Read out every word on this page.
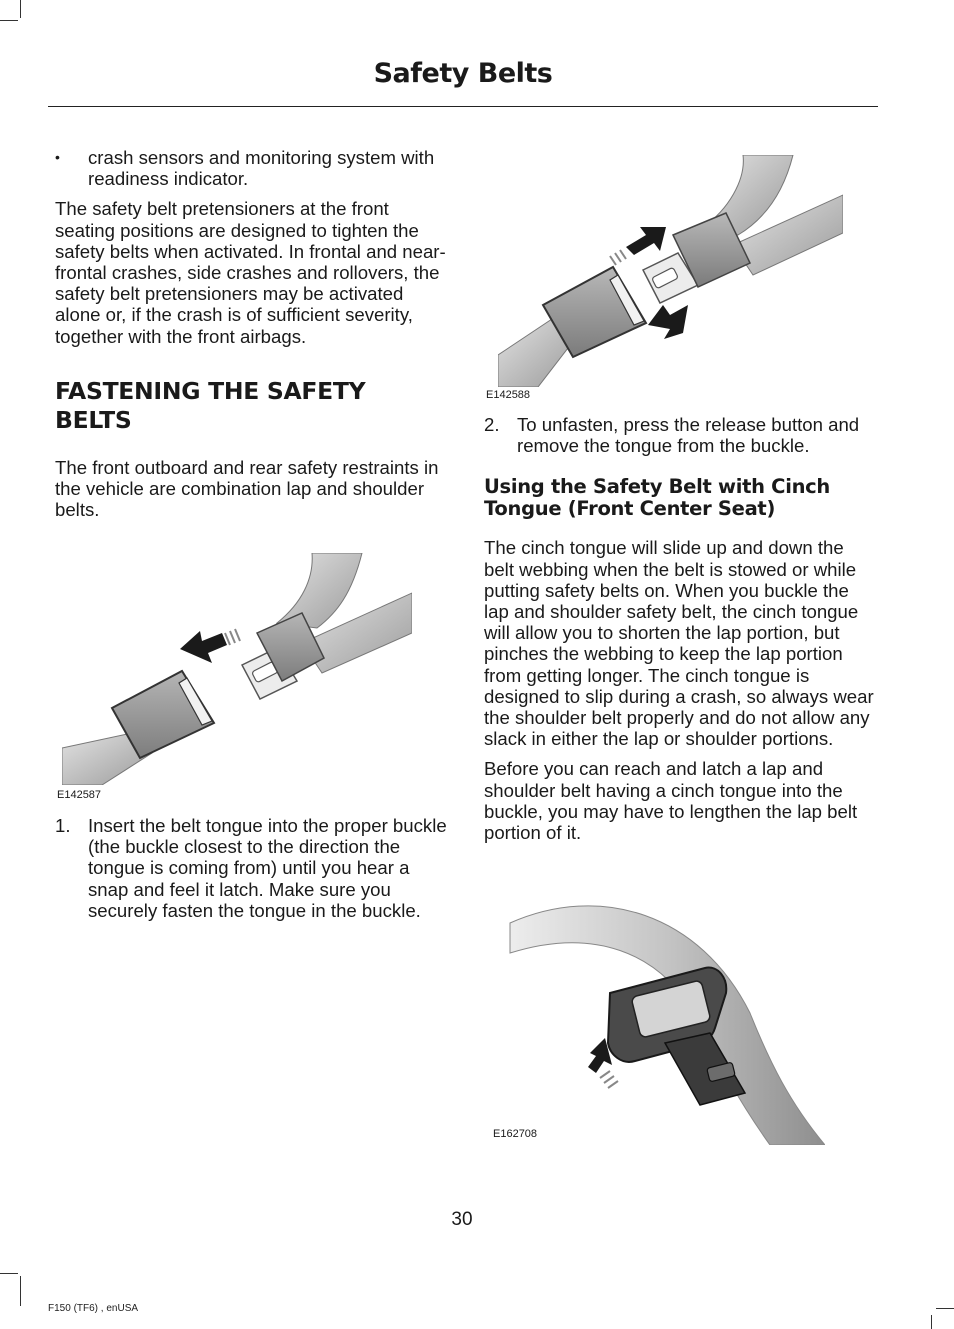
Safety Belts
•	crash sensors and monitoring system with readiness indicator.

The safety belt pretensioners at the front seating positions are designed to tighten the safety belts when activated. In frontal and near-frontal crashes, side crashes and rollovers, the safety belt pretensioners may be activated alone or, if the crash is of sufficient severity, together with the front airbags.

FASTENING THE SAFETY BELTS

The front outboard and rear safety restraints in the vehicle are combination lap and shoulder belts.

E142587
1. Insert the belt tongue into the proper buckle (the buckle closest to the direction the tongue is coming from) until you hear a snap and feel it latch. Make sure you securely fasten the tongue in the buckle.
E142588
2. To unfasten, press the release button and remove the tongue from the buckle.
Using the Safety Belt with Cinch Tongue (Front Center Seat)

The cinch tongue will slide up and down the belt webbing when the belt is stowed or while putting safety belts on. When you buckle the lap and shoulder safety belt, the cinch tongue will allow you to shorten the lap portion, but pinches the webbing to keep the lap portion from getting longer. The cinch tongue is designed to slip during a crash, so always wear the shoulder belt properly and do not allow any slack in either the lap or shoulder portions.

Before you can reach and latch a lap and shoulder belt having a cinch tongue into the buckle, you may have to lengthen the lap belt portion of it.

E162708
30
F150 (TF6) , enUSA
